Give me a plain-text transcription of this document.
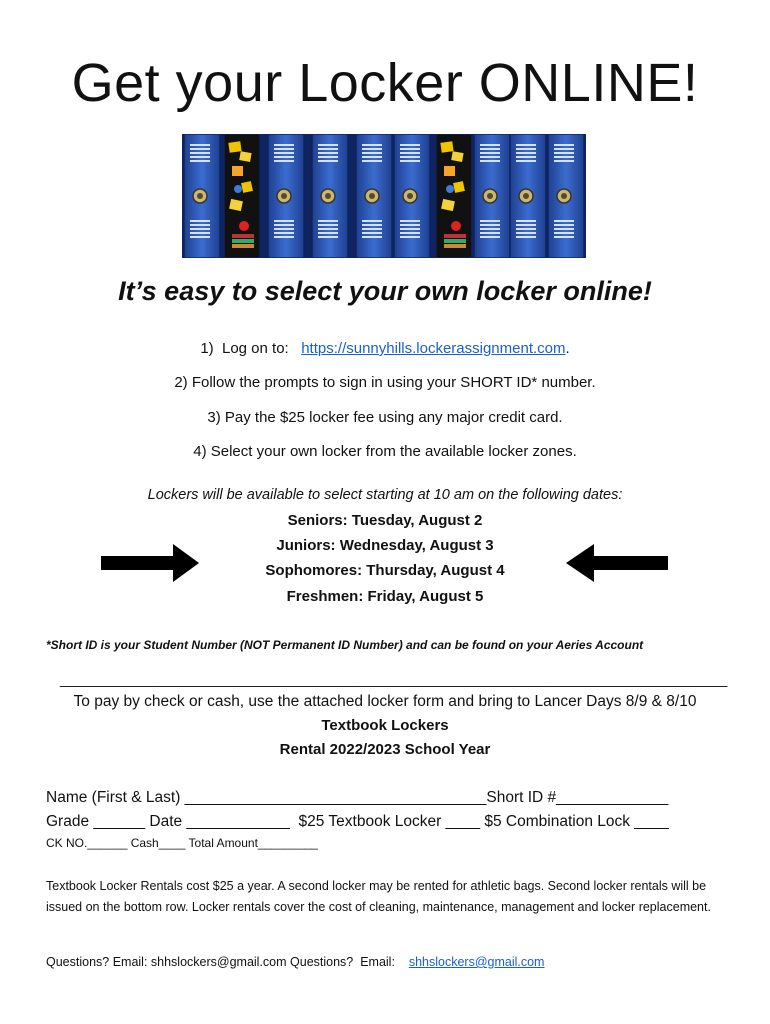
Get your Locker ONLINE!
It’s easy to select your own locker online!
1)  Log on to:   https://sunnyhills.lockerassignment.com.
2) Follow the prompts to sign in using your SHORT ID* number.
3) Pay the $25 locker fee using any major credit card.
4) Select your own locker from the available locker zones.
Lockers will be available to select starting at 10 am on the following dates:
Seniors: Tuesday, August 2
Juniors: Wednesday, August 3
Sophomores: Thursday, August 4
Freshmen: Friday, August 5
*Short ID is your Student Number (NOT Permanent ID Number) and can be found on your Aeries Account
________________________________________________________________________________
To pay by check or cash, use the attached locker form and bring to Lancer Days 8/9 & 8/10
Textbook Lockers
Rental 2022/2023 School Year
Name (First & Last) ___________________________________Short ID #_____________
Grade ______ Date ____________  $25 Textbook Locker ____ $5 Combination Lock ____
CK NO.______ Cash____ Total Amount_________
Textbook Locker Rentals cost $25 a year. A second locker may be rented for athletic bags. Second locker rentals will be issued on the bottom row. Locker rentals cover the cost of cleaning, maintenance, management and locker replacement.
Questions? Email: shhslockers@gmail.com Questions?  Email:    shhslockers@gmail.com
